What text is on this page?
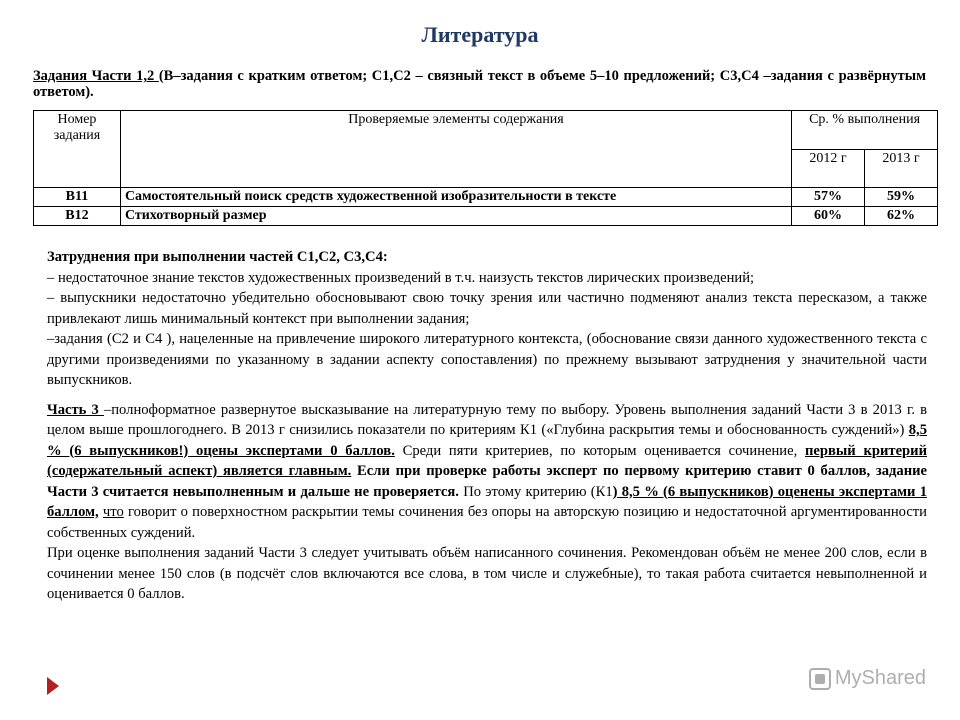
Литература
Задания Части 1,2 (В–задания с кратким ответом; С1,С2 – связный текст в объеме 5–10 предложений; С3,С4 –задания с развёрнутым ответом).
Номер задания	Проверяемые элементы содержания	Ср. % выполнения	
		2012 г	2013 г
В11	Самостоятельный поиск средств художественной изобразительности в тексте	57%	59%
В12	Стихотворный размер	60%	62%

Затруднения при выполнении частей С1,С2, С3,С4:

– недостаточное знание текстов художественных произведений в т.ч. наизусть текстов лирических произведений;

– выпускники недостаточно убедительно обосновывают свою точку зрения или частично подменяют анализ текста пересказом, а также привлекают лишь минимальный контекст при выполнении задания;

–задания (С2 и С4 ), нацеленные на привлечение широкого литературного контекста, (обоснование связи данного художественного текста с другими произведениями по указанному в задании аспекту сопоставления) по прежнему вызывают затруднения у значительной части выпускников.

Часть 3 –полноформатное развернутое высказывание на литературную тему по выбору. Уровень выполнения заданий Части 3 в 2013 г. в целом выше прошлогоднего. В 2013 г снизились показатели по критериям К1 («Глубина раскрытия темы и обоснованность суждений») 8,5 % (6 выпускников!) оцены экспертами 0 баллов. Среди пяти критериев, по которым оценивается сочинение, первый критерий (содержательный аспект) является главным. Если при проверке работы эксперт по первому критерию ставит 0 баллов, задание Части 3 считается невыполненным и дальше не проверяется. По этому критерию (К1) 8,5 % (6 выпускников) оценены экспертами 1 баллом, что говорит о поверхностном раскрытии темы сочинения без опоры на авторскую позицию и недостаточной аргументированности собственных суждений.

При оценке выполнения заданий Части 3 следует учитывать объём написанного сочинения. Рекомендован объём не менее 200 слов, если в сочинении менее 150 слов (в подсчёт слов включаются все слова, в том числе и служебные), то такая работа считается невыполненной и оценивается 0 баллов.

MyShared
